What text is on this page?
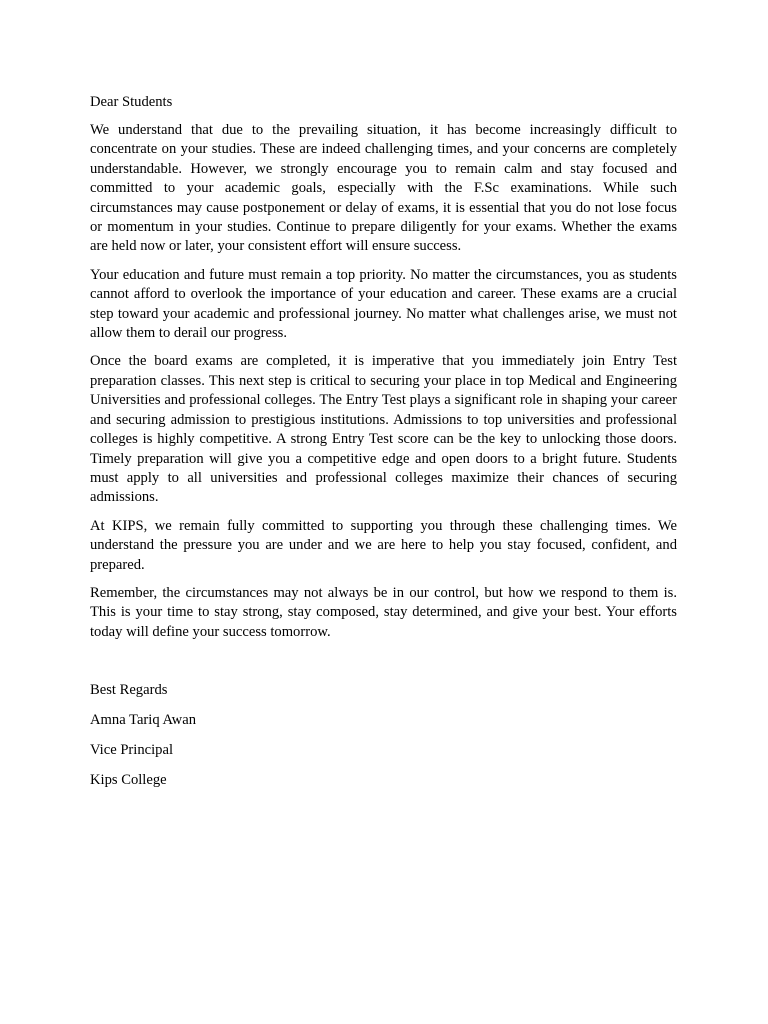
Dear Students

We understand that due to the prevailing situation, it has become increasingly difficult to concentrate on your studies. These are indeed challenging times, and your concerns are completely understandable. However, we strongly encourage you to remain calm and stay focused and committed to your academic goals, especially with the F.Sc examinations. While such circumstances may cause postponement or delay of exams, it is essential that you do not lose focus or momentum in your studies. Continue to prepare diligently for your exams. Whether the exams are held now or later, your consistent effort will ensure success.

Your education and future must remain a top priority. No matter the circumstances, you as students cannot afford to overlook the importance of your education and career. These exams are a crucial step toward your academic and professional journey. No matter what challenges arise, we must not allow them to derail our progress.

Once the board exams are completed, it is imperative that you immediately join Entry Test preparation classes. This next step is critical to securing your place in top Medical and Engineering Universities and professional colleges. The Entry Test plays a significant role in shaping your career and securing admission to prestigious institutions. Admissions to top universities and professional colleges is highly competitive. A strong Entry Test score can be the key to unlocking those doors. Timely preparation will give you a competitive edge and open doors to a bright future. Students must apply to all universities and professional colleges maximize their chances of securing admissions.

At KIPS, we remain fully committed to supporting you through these challenging times. We understand the pressure you are under and we are here to help you stay focused, confident, and prepared.

Remember, the circumstances may not always be in our control, but how we respond to them is. This is your time to stay strong, stay composed, stay determined, and give your best. Your efforts today will define your success tomorrow.

Best Regards

Amna Tariq Awan

Vice Principal

Kips College
